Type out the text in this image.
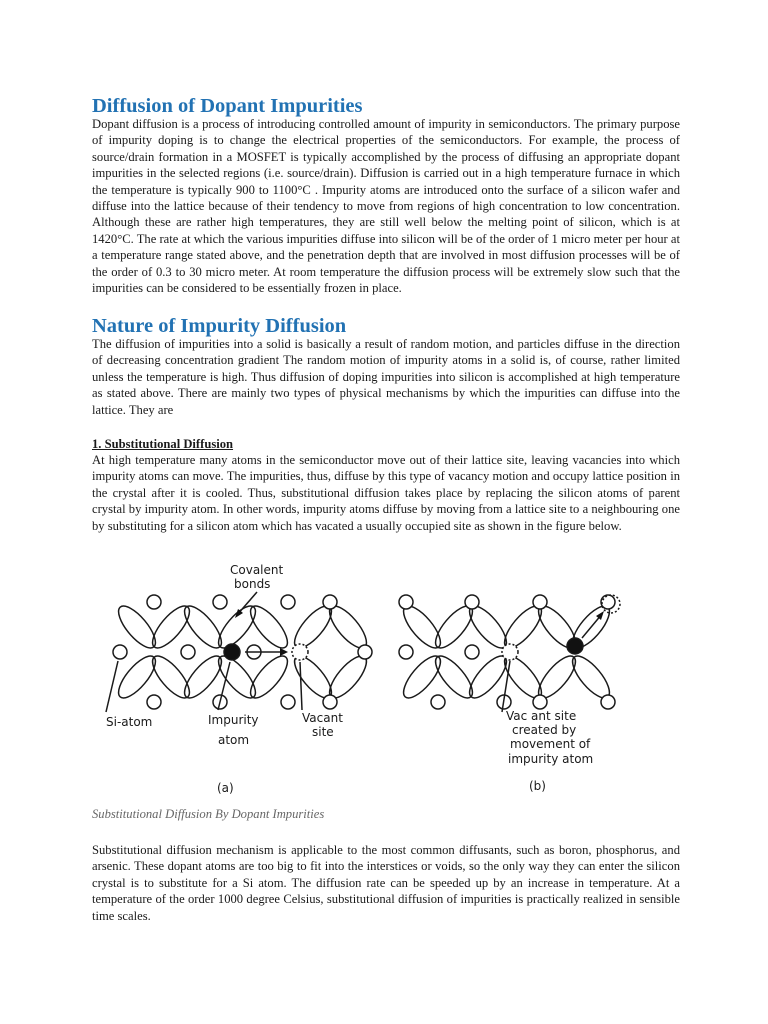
Diffusion of Dopant Impurities

Dopant diffusion is a process of introducing controlled amount of impurity in semiconductors. The primary purpose of impurity doping is to change the electrical properties of the semiconductors. For example, the process of source/drain formation in a MOSFET is typically accomplished by the process of diffusing an appropriate dopant impurities in the selected regions (i.e. source/drain). Diffusion is carried out in a high temperature furnace in which the temperature is typically 900 to 1100°C . Impurity atoms are introduced onto the surface of a silicon wafer and diffuse into the lattice because of their tendency to move from regions of high concentration to low concentration. Although these are rather high temperatures, they are still well below the melting point of silicon, which is at 1420°C. The rate at which the various impurities diffuse into silicon will be of the order of 1 micro meter per hour at a temperature range stated above, and the penetration depth that are involved in most diffusion processes will be of the order of 0.3 to 30 micro meter. At room temperature the diffusion process will be extremely slow such that the impurities can be considered to be essentially frozen in place.

Nature of Impurity Diffusion

The diffusion of impurities into a solid is basically a result of random motion, and particles diffuse in the direction of decreasing concentration gradient The random motion of impurity atoms in a solid is, of course, rather limited unless the temperature is high. Thus diffusion of doping impurities into silicon is accomplished at high temperature as stated above. There are mainly two types of physical mechanisms by which the impurities can diffuse into the lattice. They are

1. Substitutional Diffusion

At high temperature many atoms in the semiconductor move out of their lattice site, leaving vacancies into which impurity atoms can move. The impurities, thus, diffuse by this type of vacancy motion and occupy lattice position in the crystal after it is cooled. Thus, substitutional diffusion takes place by replacing the silicon atoms of parent crystal by impurity atom. In other words, impurity atoms diffuse by moving from a lattice site to a neighbouring one by substituting for a silicon atom which has vacated a usually occupied site as shown in the figure below.

Covalent
bonds
Si-atom	Impurity
atom
Vacant
site
Vac ant site
created by
movement of
impurity atom
(a)	(b)

Substitutional Diffusion By Dopant Impurities

Substitutional diffusion mechanism is applicable to the most common diffusants, such as boron, phosphorus, and arsenic. These dopant atoms are too big to fit into the interstices or voids, so the only way they can enter the silicon crystal is to substitute for a Si atom. The diffusion rate can be speeded up by an increase in temperature. At a temperature of the order 1000 degree Celsius, substitutional diffusion of impurities is practically realized in sensible time scales.
